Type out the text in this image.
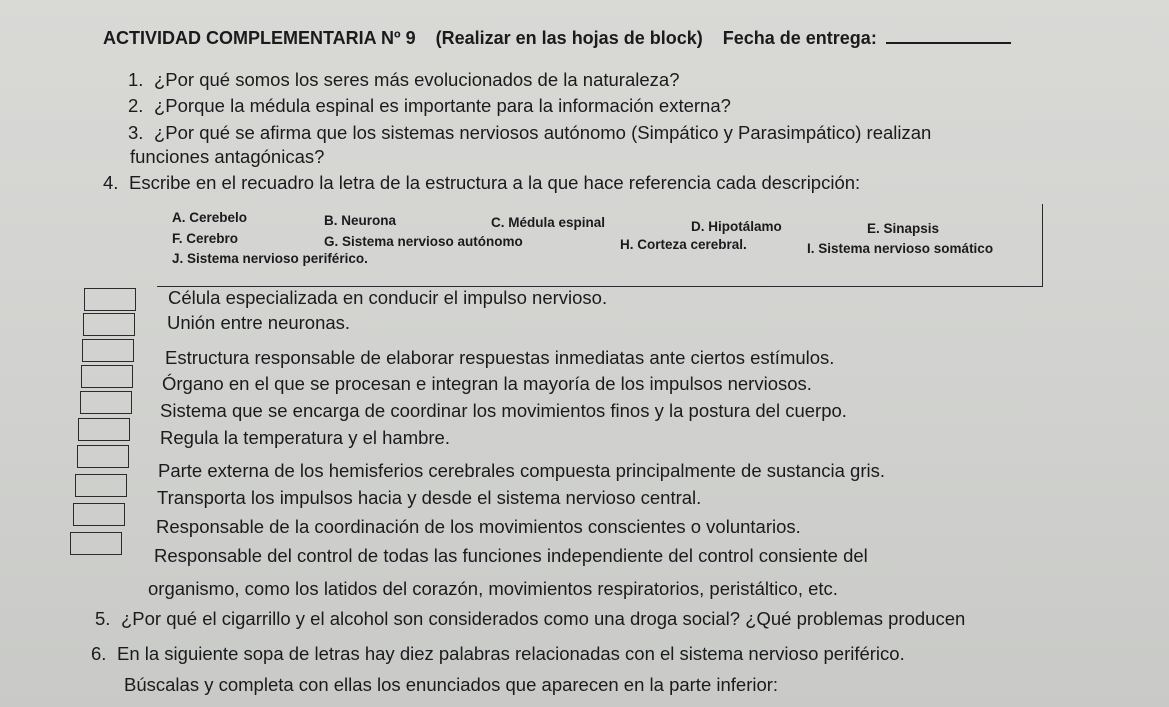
ACTIVIDAD COMPLEMENTARIA Nº 9 (Realizar en las hojas de block) Fecha de entrega:
1. ¿Por qué somos los seres más evolucionados de la naturaleza?
2. ¿Porque la médula espinal es importante para la información externa?
3. ¿Por qué se afirma que los sistemas nerviosos autónomo (Simpático y Parasimpático) realizan
funciones antagónicas?
4. Escribe en el recuadro la letra de la estructura a la que hace referencia cada descripción:
A. Cerebelo	B. Neurona	C. Médula espinal	D. Hipotálamo	E. Sinapsis
F. Cerebro	G. Sistema nervioso autónomo	H. Corteza cerebral.	I. Sistema nervioso somático
J. Sistema nervioso periférico.
Célula especializada en conducir el impulso nervioso.
Unión entre neuronas.
Estructura responsable de elaborar respuestas inmediatas ante ciertos estímulos.
Órgano en el que se procesan e integran la mayoría de los impulsos nerviosos.
Sistema que se encarga de coordinar los movimientos finos y la postura del cuerpo.
Regula la temperatura y el hambre.
Parte externa de los hemisferios cerebrales compuesta principalmente de sustancia gris.
Transporta los impulsos hacia y desde el sistema nervioso central.
Responsable de la coordinación de los movimientos conscientes o voluntarios.
Responsable del control de todas las funciones independiente del control consiente del
organismo, como los latidos del corazón, movimientos respiratorios, peristáltico, etc.
5. ¿Por qué el cigarrillo y el alcohol son considerados como una droga social? ¿Qué problemas producen
6. En la siguiente sopa de letras hay diez palabras relacionadas con el sistema nervioso periférico.
Búscalas y completa con ellas los enunciados que aparecen en la parte inferior:
